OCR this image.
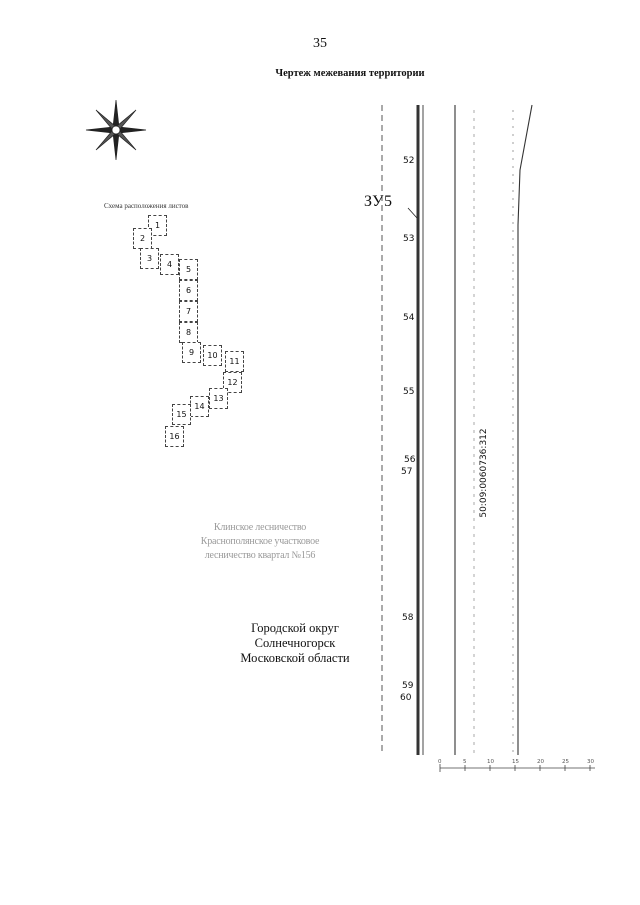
35
Чертеж межевания территории
Схема расположения листов
1
2
3
4
5
6
7
8
9	10
11
12
13
14
15
16
Клинское лесничество
Краснополянское участковое
лесничество квартал №156
Городской округ
Солнечногорск
Московской области
ЗУ5
50:09:0060736:312
52
53
54
55
56
57
58
59
60
0	5	10	15	20	25	30
